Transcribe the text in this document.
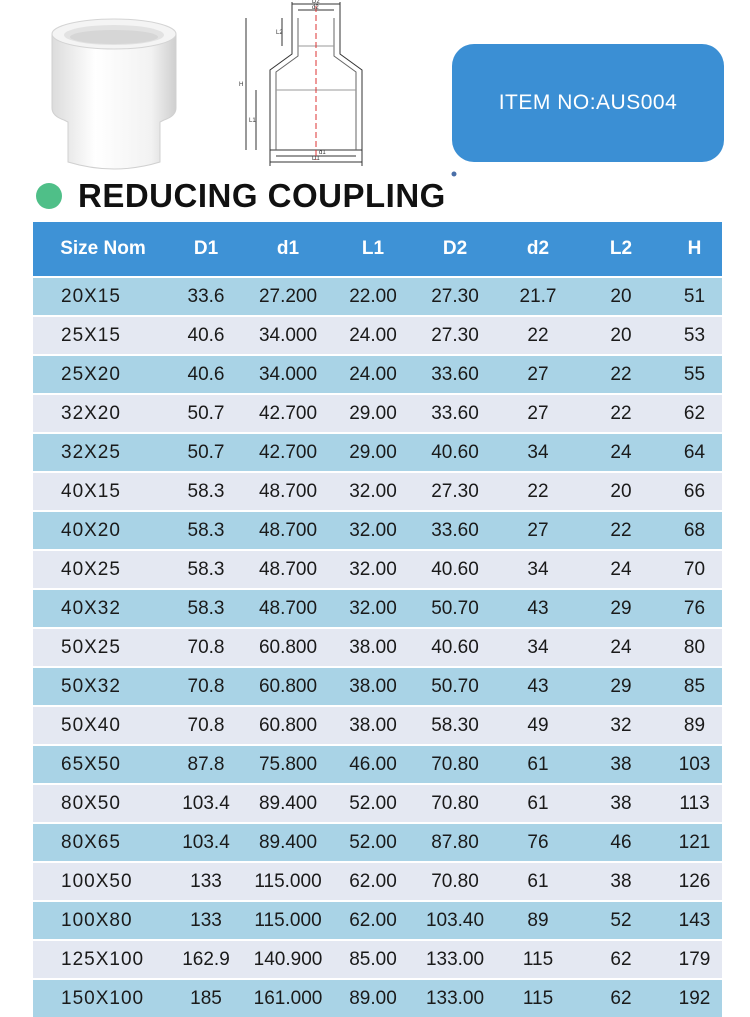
D2
d2
L2
H
L1
d1
D1
ITEM NO:AUS004
REDUCING COUPLING
Size Nom	D1	d1	L1	D2	d2	L2	H
20X15	33.6	27.200	22.00	27.30	21.7	20	51
25X15	40.6	34.000	24.00	27.30	22	20	53
25X20	40.6	34.000	24.00	33.60	27	22	55
32X20	50.7	42.700	29.00	33.60	27	22	62
32X25	50.7	42.700	29.00	40.60	34	24	64
40X15	58.3	48.700	32.00	27.30	22	20	66
40X20	58.3	48.700	32.00	33.60	27	22	68
40X25	58.3	48.700	32.00	40.60	34	24	70
40X32	58.3	48.700	32.00	50.70	43	29	76
50X25	70.8	60.800	38.00	40.60	34	24	80
50X32	70.8	60.800	38.00	50.70	43	29	85
50X40	70.8	60.800	38.00	58.30	49	32	89
65X50	87.8	75.800	46.00	70.80	61	38	103
80X50	103.4	89.400	52.00	70.80	61	38	113
80X65	103.4	89.400	52.00	87.80	76	46	121
100X50	133	115.000	62.00	70.80	61	38	126
100X80	133	115.000	62.00	103.40	89	52	143
125X100	162.9	140.900	85.00	133.00	115	62	179
150X100	185	161.000	89.00	133.00	115	62	192
